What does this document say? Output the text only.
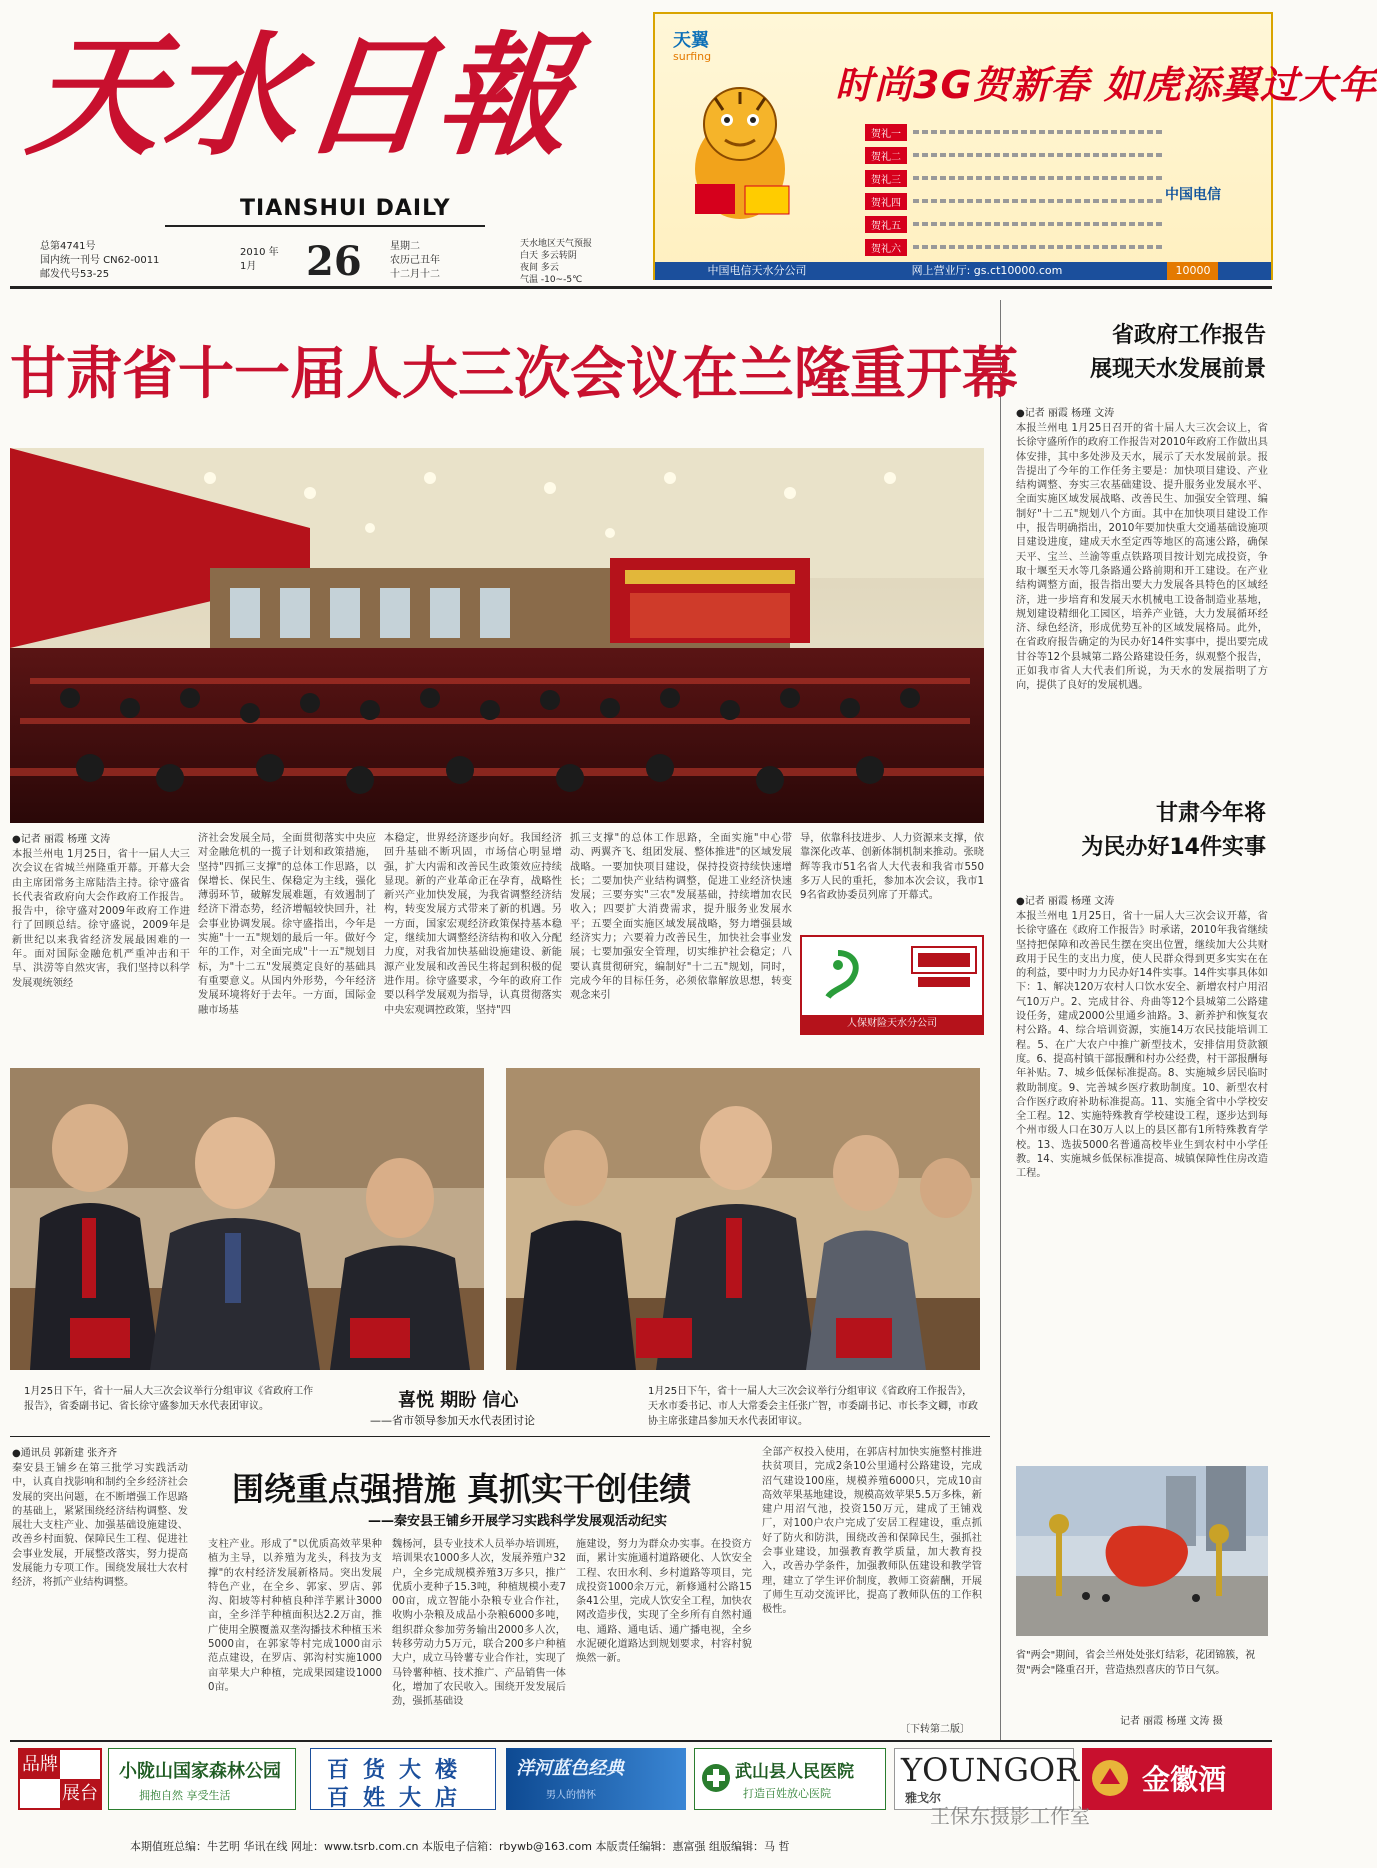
天水日報
TIANSHUI DAILY
总第4741号
国内统一刊号 CN62-0011
邮发代号53-25
2010 年
1月	26	星期二
农历己丑年
十二月十二
天水地区天气预报
白天 多云转阴
夜间 多云
气温 -10~-5℃
天翼
surfing
时尚3G贺新春 如虎添翼过大年
贺礼一
贺礼二
贺礼三
贺礼四
贺礼五
贺礼六
中国电信
中国电信天水分公司	网上营业厅: gs.ct10000.com	10000
甘肃省十一届人大三次会议在兰隆重开幕
●记者 丽霞 杨瑾 文涛
本报兰州电 1月25日，省十一届人大三次会议在省城兰州隆重开幕。开幕大会由主席团常务主席陆浩主持。徐守盛省长代表省政府向大会作政府工作报告。报告中，徐守盛对2009年政府工作进行了回顾总结。徐守盛说，2009年是新世纪以来我省经济发展最困难的一年。面对国际金融危机严重冲击和干旱、洪涝等自然灾害，我们坚持以科学发展观统领经
济社会发展全局，全面贯彻落实中央应对金融危机的一揽子计划和政策措施，坚持"四抓三支撑"的总体工作思路，以保增长、保民生、保稳定为主线，强化薄弱环节，破解发展难题，有效遏制了经济下滑态势，经济增幅较快回升，社会事业协调发展。徐守盛指出，今年是实施"十一五"规划的最后一年。做好今年的工作，对全面完成"十一五"规划目标，为"十二五"发展奠定良好的基础具有重要意义。从国内外形势，今年经济发展环境将好于去年。一方面，国际金融市场基
本稳定，世界经济逐步向好。我国经济回升基础不断巩固，市场信心明显增强，扩大内需和改善民生政策效应持续显现。新的产业革命正在孕育，战略性新兴产业加快发展，为我省调整经济结构，转变发展方式带来了新的机遇。另一方面，国家宏观经济政策保持基本稳定，继续加大调整经济结构和收入分配力度，对我省加快基础设施建设、新能源产业发展和改善民生将起到积极的促进作用。徐守盛要求，今年的政府工作要以科学发展观为指导，认真贯彻落实中央宏观调控政策，坚持"四
抓三支撑"的总体工作思路，全面实施"中心带动、两翼齐飞、组团发展、整体推进"的区域发展战略。一要加快项目建设，保持投资持续快速增长；二要加快产业结构调整，促进工业经济快速发展；三要夯实"三农"发展基础，持续增加农民收入；四要扩大消费需求，提升服务业发展水平；五要全面实施区域发展战略，努力增强县域经济实力；六要着力改善民生，加快社会事业发展；七要加强安全管理，切实维护社会稳定；八要认真贯彻研究，编制好"十二五"规划，同时，完成今年的目标任务，必须依靠解放思想，转变观念来引
导，依靠科技进步、人力资源来支撑，依靠深化改革、创新体制机制来推动。张晓辉等我市51名省人大代表和我省市550多万人民的重托，参加本次会议，我市19名省政协委员列席了开幕式。
人保财险天水分公司
1月25日下午，省十一届人大三次会议举行分组审议《省政府工作报告》，省委副书记、省长徐守盛参加天水代表团审议。	喜悦 期盼 信心
——省市领导参加天水代表团讨论
1月25日下午，省十一届人大三次会议举行分组审议《省政府工作报告》，天水市委书记、市人大常委会主任张广智，市委副书记、市长李文卿，市政协主席张建昌参加天水代表团审议。
●通讯员 郭新建 张齐齐
秦安县王铺乡在第三批学习实践活动中，认真自找影响和制约全乡经济社会发展的突出问题，在不断增强工作思路的基础上，紧紧围绕经济结构调整、发展壮大支柱产业、加强基础设施建设、改善乡村面貌、保障民生工程、促进社会事业发展，开展整改落实，努力提高发展能力专项工作。围绕发展壮大农村经济，将抓产业结构调整。
围绕重点强措施 真抓实干创佳绩
——秦安县王铺乡开展学习实践科学发展观活动纪实
支柱产业。形成了"以优质高效苹果种植为主导，以养殖为龙头，科技为支撑"的农村经济发展新格局。突出发展特色产业，在全乡、郭家、罗店、郭沟、阳坡等村种植良种洋芋累计3000亩，全乡洋芋种植面积达2.2万亩，推广使用全膜覆盖双垄沟播技术种植玉米5000亩，在郭家等村完成1000亩示范点建设，在罗店、郭沟村实施1000亩苹果大户种植，完成果园建设10000亩。
魏杨河，县专业技术人员举办培训班，培训果农1000多人次，发展养殖户32户，全乡完成规模养殖3万多只，推广优质小麦种子15.3吨，种植规模小麦700亩，成立智能小杂粮专业合作社，收购小杂粮及成品小杂粮6000多吨，组织群众参加劳务输出2000多人次，转移劳动力5万元，联合200多户种植大户，成立马铃薯专业合作社，实现了马铃薯种植、技术推广、产品销售一体化，增加了农民收入。围绕开发发展后劲，强抓基础设
施建设，努力为群众办实事。在投资方面，累计实施通村道路硬化、人饮安全工程、农田水利、乡村道路等项目，完成投资1000余万元，新修通村公路15条41公里，完成人饮安全工程，加快农网改造步伐，实现了全乡所有自然村通电、通路、通电话、通广播电视，全乡水泥硬化道路达到规划要求，村容村貌焕然一新。
全部产权投入使用，在郭店村加快实施整村推进扶贫项目，完成2条10公里通村公路建设，完成沼气建设100座，规模养殖6000只，完成10亩高效苹果基地建设，规模高效苹果5.5万多株，新建户用沼气池，投资150万元，建成了王铺戏厂，对100户农户完成了安居工程建设，重点抓好了防火和防洪，围绕改善和保障民生，强抓社会事业建设，加强教育教学质量，加大教育投入，改善办学条件，加强教师队伍建设和教学管理，建立了学生评价制度，教师工资薪酬，开展了师生互动交流评比，提高了教师队伍的工作积极性。
〔下转第二版〕
省政府工作报告
展现天水发展前景
●记者 丽霞 杨瑾 文涛
本报兰州电 1月25日召开的省十届人大三次会议上，省长徐守盛所作的政府工作报告对2010年政府工作做出具体安排，其中多处涉及天水，展示了天水发展前景。报告提出了今年的工作任务主要是：加快项目建设、产业结构调整、夯实三农基础建设、提升服务业发展水平、全面实施区域发展战略、改善民生、加强安全管理、编制好"十二五"规划八个方面。其中在加快项目建设工作中，报告明确指出，2010年要加快重大交通基础设施项目建设进度，建成天水至定西等地区的高速公路，确保天平、宝兰、兰渝等重点铁路项目按计划完成投资，争取十堰至天水等几条路通公路前期和开工建设。在产业结构调整方面，报告指出要大力发展各具特色的区域经济，进一步培育和发展天水机械电工设备制造业基地，规划建设精细化工园区，培养产业链，大力发展循环经济、绿色经济，形成优势互补的区域发展格局。此外，在省政府报告确定的为民办好14件实事中，提出要完成甘谷等12个县城第二路公路建设任务，纵观整个报告，正如我市省人大代表们所说，为天水的发展指明了方向，提供了良好的发展机遇。
甘肃今年将
为民办好14件实事
●记者 丽霞 杨瑾 文涛
本报兰州电 1月25日，省十一届人大三次会议开幕，省长徐守盛在《政府工作报告》时承诺，2010年我省继续坚持把保障和改善民生摆在突出位置，继续加大公共财政用于民生的支出力度，使人民群众得到更多实实在在的利益，要中时力力民办好14件实事。14件实事具体如下：1、解决120万农村人口饮水安全、新增农村户用沼气10万户。2、完成甘谷、舟曲等12个县城第二公路建设任务，建成2000公里通乡油路。3、新养护和恢复农村公路。4、综合培训资源，实施14万农民技能培训工程。5、在广大农户中推广新型技术，安排信用贷款额度。6、提高村镇干部报酬和村办公经费，村干部报酬每年补贴。7、城乡低保标准提高。8、实施城乡居民临时救助制度。9、完善城乡医疗救助制度。10、新型农村合作医疗政府补助标准提高。11、实施全省中小学校安全工程。12、实施特殊教育学校建设工程，逐步达到每个州市级人口在30万人以上的县区都有1所特殊教育学校。13、选拔5000名普通高校毕业生到农村中小学任教。14、实施城乡低保标准提高、城镇保障性住房改造工程。
省"两会"期间，省会兰州处处张灯结彩，花团锦簇，祝贺"两会"隆重召开，营造热烈喜庆的节日气氛。
记者 丽霞 杨瑾 文涛 摄
品牌
展台
小陇山国家森林公园
拥抱自然 享受生活
百货大楼
百姓大店
洋河蓝色经典
男人的情怀
武山县人民医院
打造百姓放心医院
YOUNGOR
雅戈尔
金徽酒
王保东摄影工作室
本期值班总编：牛艺明 华讯在线 网址：www.tsrb.com.cn 本版电子信箱：rbywb@163.com 本版责任编辑：惠富强 组版编辑：马 哲
